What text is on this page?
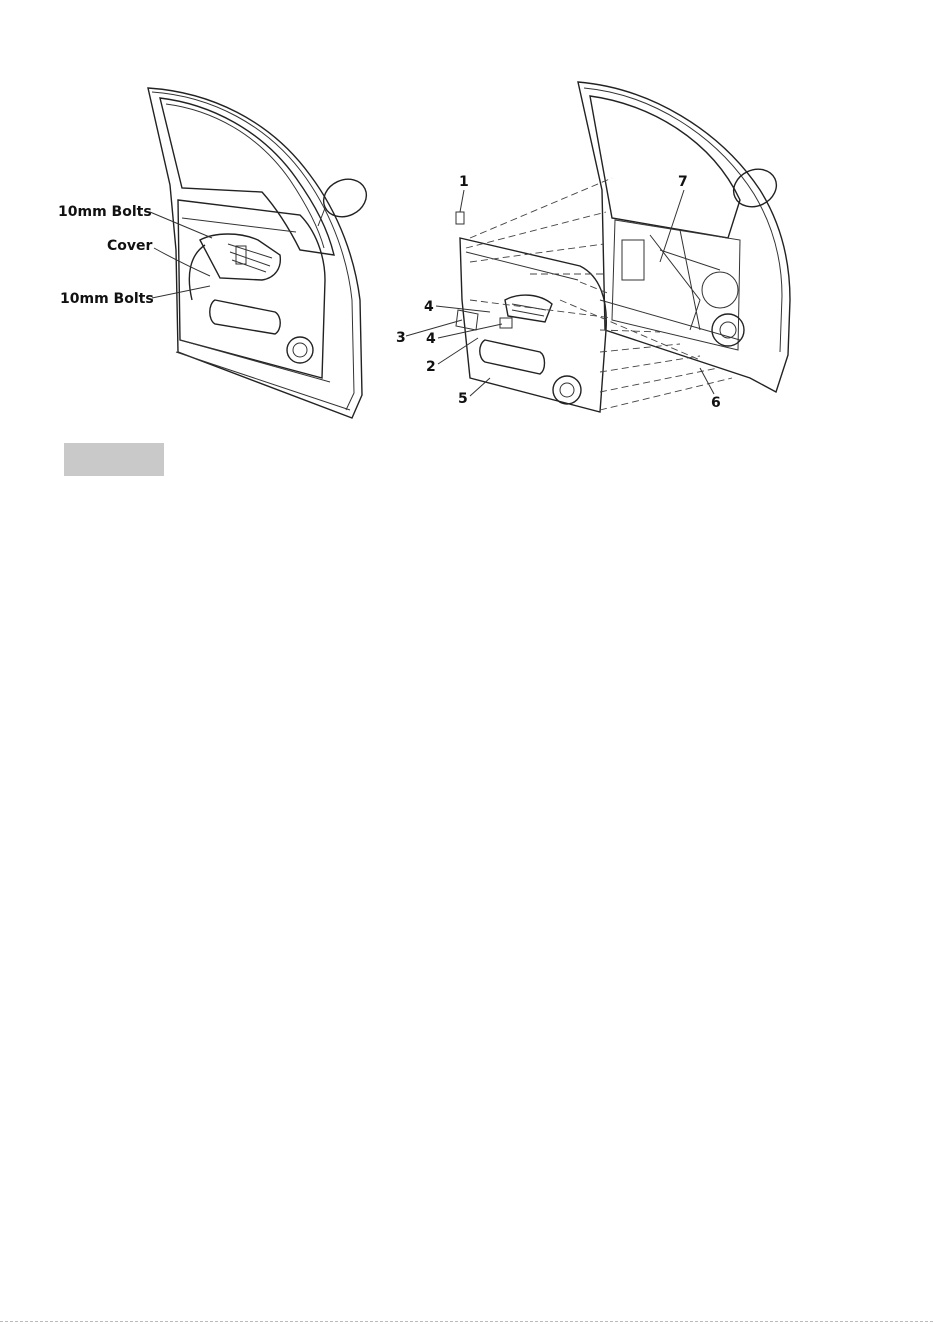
10mm Bolts
Cover
10mm Bolts
1	7
4
3 4
2
5	6
